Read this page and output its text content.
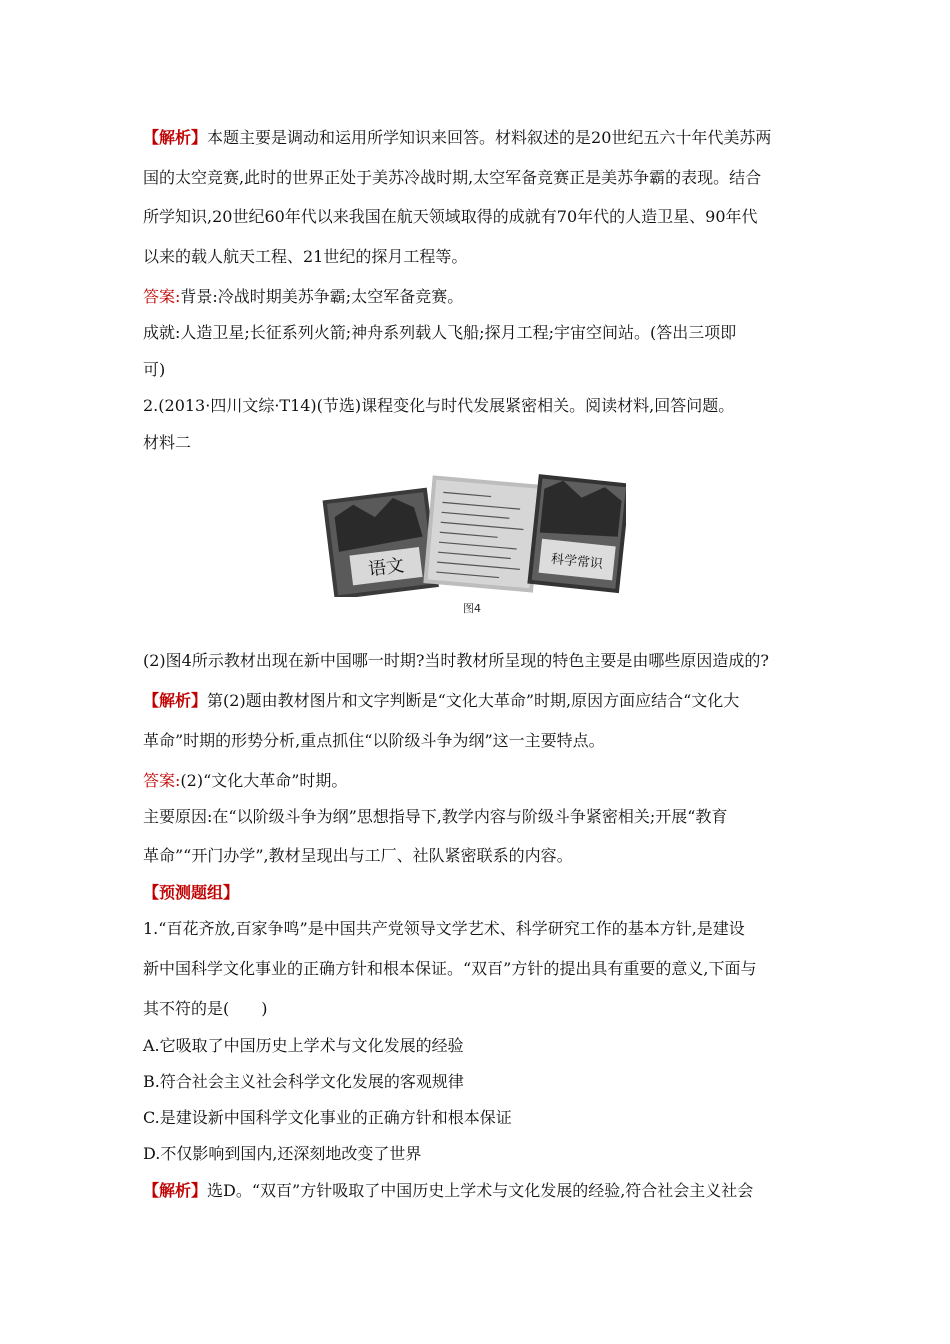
【解析】本题主要是调动和运用所学知识来回答。材料叙述的是20世纪五六十年代美苏两

国的太空竞赛,此时的世界正处于美苏冷战时期,太空军备竞赛正是美苏争霸的表现。结合

所学知识,20世纪60年代以来我国在航天领域取得的成就有70年代的人造卫星、90年代

以来的载人航天工程、21世纪的探月工程等。

答案:背景:冷战时期美苏争霸;太空军备竞赛。

成就:人造卫星;长征系列火箭;神舟系列载人飞船;探月工程;宇宙空间站。(答出三项即

可)

2.(2013·四川文综·T14)(节选)课程变化与时代发展紧密相关。阅读材料,回答问题。

材料二

语文	科学常识
图4

(2)图4所示教材出现在新中国哪一时期?当时教材所呈现的特色主要是由哪些原因造成的?

【解析】第(2)题由教材图片和文字判断是“文化大革命”时期,原因方面应结合“文化大

革命”时期的形势分析,重点抓住“以阶级斗争为纲”这一主要特点。

答案:(2)“文化大革命”时期。

主要原因:在“以阶级斗争为纲”思想指导下,教学内容与阶级斗争紧密相关;开展“教育

革命”“开门办学”,教材呈现出与工厂、社队紧密联系的内容。

【预测题组】

1.“百花齐放,百家争鸣”是中国共产党领导文学艺术、科学研究工作的基本方针,是建设

新中国科学文化事业的正确方针和根本保证。“双百”方针的提出具有重要的意义,下面与

其不符的是(　　)

A.它吸取了中国历史上学术与文化发展的经验

B.符合社会主义社会科学文化发展的客观规律

C.是建设新中国科学文化事业的正确方针和根本保证

D.不仅影响到国内,还深刻地改变了世界

【解析】选D。“双百”方针吸取了中国历史上学术与文化发展的经验,符合社会主义社会
